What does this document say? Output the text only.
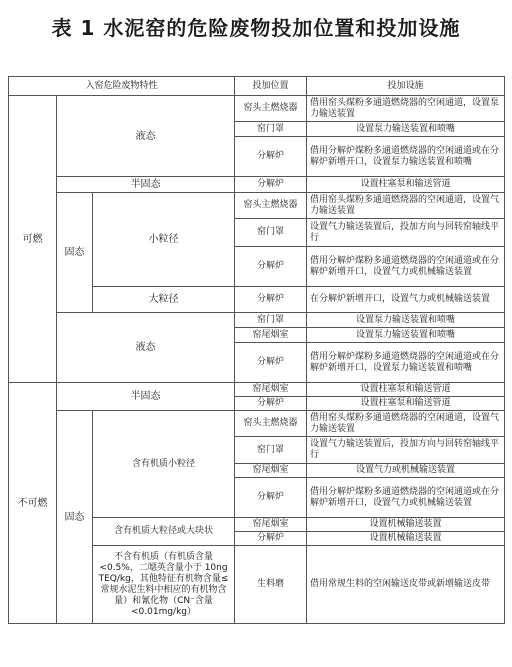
表 1 水泥窑的危险废物投加位置和投加设施
入窑危险废物特性			投加位置	投加设施
可燃	液态		窑头主燃烧器	借用窑头煤粉多通道燃烧器的空闲通道，设置泵力输送装置
			窑门罩	设置泵力输送装置和喷嘴
			分解炉	借用分解炉煤粉多通道燃烧器的空闲通道或在分解炉新增开口，设置泵力输送装置和喷嘴
	半固态		分解炉	设置柱塞泵和输送管道
	固态	小粒径	窑头主燃烧器	借用窑头煤粉多通道燃烧器的空闲通道，设置气力输送装置
			窑门罩	设置气力输送装置后，投加方向与回转窑轴线平行
			分解炉	借用分解炉煤粉多通道燃烧器的空闲通道或在分解炉新增开口，设置气力或机械输送装置
		大粒径	分解炉	在分解炉新增开口，设置气力或机械输送装置
	液态		窑门罩	设置泵力输送装置和喷嘴
			窑尾烟室	设置泵力输送装置和喷嘴
			分解炉	借用分解炉煤粉多通道燃烧器的空闲通道或在分解炉新增开口，设置泵力输送装置和喷嘴
不可燃	半固态		窑尾烟室	设置柱塞泵和输送管道
			分解炉	设置柱塞泵和输送管道
	固态	含有机质小粒径	窑头主燃烧器	借用窑头煤粉多通道燃烧器的空闲通道，设置气力输送装置
			窑门罩	设置气力输送装置后，投加方向与回转窑轴线平行
			窑尾烟室	设置气力或机械输送装置
			分解炉	借用分解炉煤粉多通道燃烧器的空闲通道或在分解炉新增开口，设置气力或机械输送装置
		含有机质大粒径或大块状	窑尾烟室	设置机械输送装置
			分解炉	设置机械输送装置
		不含有机质（有机质含量<0.5%，二噁英含量小于 10ng TEQ/kg，其他特征有机物含量≤常规水泥生料中相应的有机物含量）和氰化物（CN⁻含量<0.01mg/kg）	生料磨	借用常规生料的空闲输送皮带或新增输送皮带
